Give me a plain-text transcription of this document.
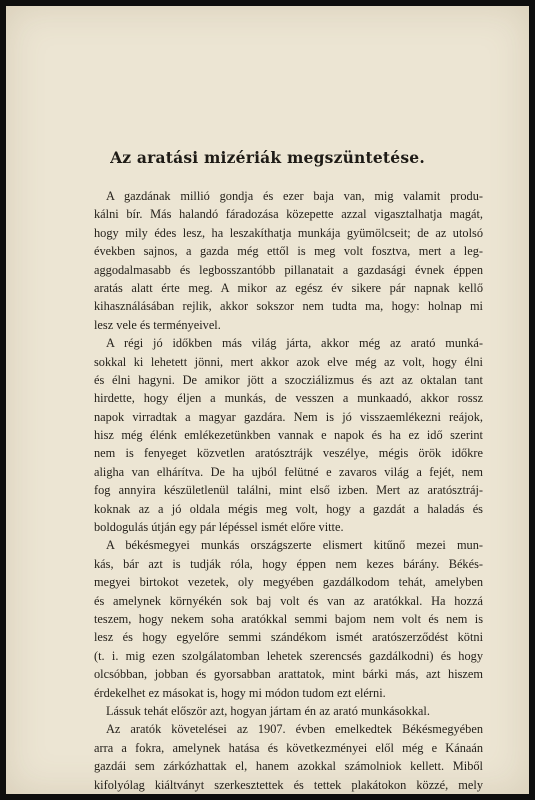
Az aratási mizériák megszüntetése.
A gazdának millió gondja és ezer baja van, mig valamit produ-
kálni bír. Más halandó fáradozása közepette azzal vigasztalhatja magát,
hogy mily édes lesz, ha leszakíthatja munkája gyümölcseit; de az utolsó
években sajnos, a gazda még ettől is meg volt fosztva, mert a leg-
aggodalmasabb és legbosszantóbb pillanatait a gazdasági évnek éppen
aratás alatt érte meg. A mikor az egész év sikere pár napnak kellő
kihasználásában rejlik, akkor sokszor nem tudta ma, hogy: holnap mi
lesz vele és terményeivel.
A régi jó időkben más világ járta, akkor még az arató munká-
sokkal ki lehetett jönni, mert akkor azok elve még az volt, hogy élni
és élni hagyni. De amikor jött a szocziálizmus és azt az oktalan tant
hirdette, hogy éljen a munkás, de vesszen a munkaadó, akkor rossz
napok virradtak a magyar gazdára. Nem is jó visszaemlékezni reájok,
hisz még élénk emlékezetünkben vannak e napok és ha ez idő szerint
nem is fenyeget közvetlen aratósztrájk veszélye, mégis örök időkre
aligha van elhárítva. De ha ujból felütné e zavaros világ a fejét, nem
fog annyira készületlenül találni, mint első izben. Mert az aratósztráj-
koknak az a jó oldala mégis meg volt, hogy a gazdát a haladás és
boldogulás útján egy pár lépéssel ismét előre vitte.
A békésmegyei munkás országszerte elismert kitűnő mezei mun-
kás, bár azt is tudják róla, hogy éppen nem kezes bárány. Békés-
megyei birtokot vezetek, oly megyében gazdálkodom tehát, amelyben
és amelynek környékén sok baj volt és van az aratókkal. Ha hozzá
teszem, hogy nekem soha aratókkal semmi bajom nem volt és nem is
lesz és hogy egyelőre semmi szándékom ismét aratószerződést kötni
(t. i. mig ezen szolgálatomban lehetek szerencsés gazdálkodni) és hogy
olcsóbban, jobban és gyorsabban arattatok, mint bárki más, azt hiszem
érdekelhet ez másokat is, hogy mi módon tudom ezt elérni.
Lássuk tehát először azt, hogyan jártam én az arató munkásokkal.
Az aratók követelései az 1907. évben emelkedtek Békésmegyében
arra a fokra, amelynek hatása és következményei elől még e Kánaán
gazdái sem zárkózhattak el, hanem azokkal számolniok kellett. Miből
kifolyólag kiáltványt szerkesztettek és tettek plakátokon közzé, mely
